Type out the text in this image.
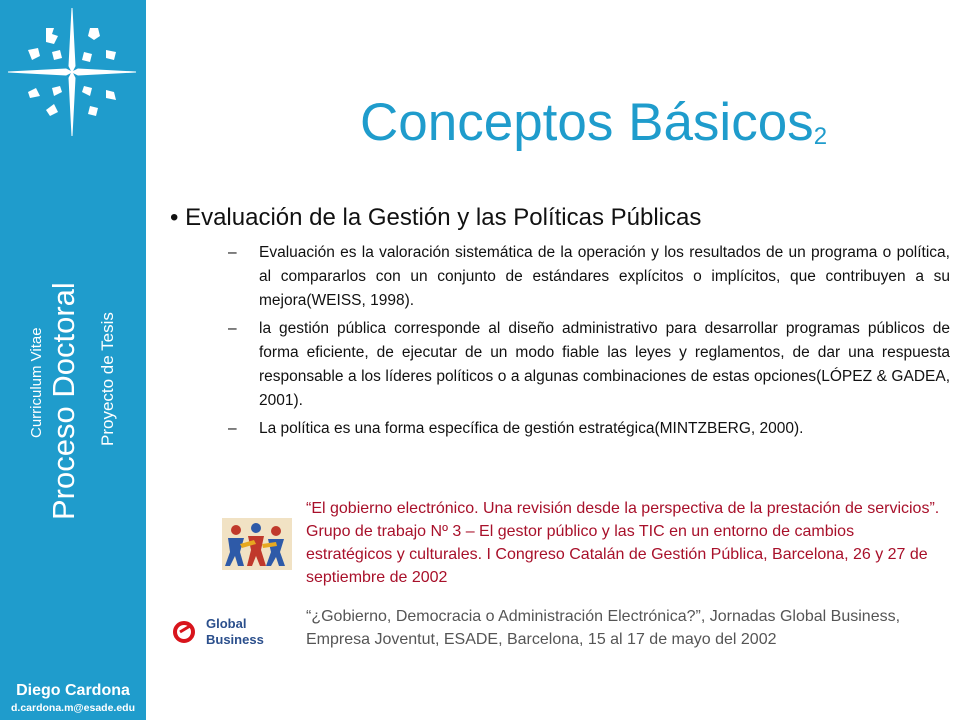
Curriculum Vitae Proceso Doctoral Proyecto de Tesis
Diego Cardona
d.cardona.m@esade.edu
Conceptos Básicos$_2$
• Evaluación de la Gestión y las Políticas Públicas
– Evaluación es la valoración sistemática de la operación y los resultados de un programa o política, al compararlos con un conjunto de estándares explícitos o implícitos, que contribuyen a su mejora(WEISS, 1998).
– la gestión pública corresponde al diseño administrativo para desarrollar programas públicos de forma eficiente, de ejecutar de un modo fiable las leyes y reglamentos, de dar una respuesta responsable a los líderes políticos o a algunas combinaciones de estas opciones(LÓPEZ & GADEA, 2001).
– La política es una forma específica de gestión estratégica(MINTZBERG, 2000).
“El gobierno electrónico. Una revisión desde la perspectiva de la prestación de servicios”. Grupo de trabajo Nº 3 – El gestor público y las TIC en un entorno de cambios estratégicos y culturales. I Congreso Catalán de Gestión Pública, Barcelona, 26 y 27 de septiembre de 2002
Global
Business
“¿Gobierno, Democracia o Administración Electrónica?”, Jornadas Global Business, Empresa Joventut, ESADE, Barcelona, 15 al 17 de mayo del 2002
